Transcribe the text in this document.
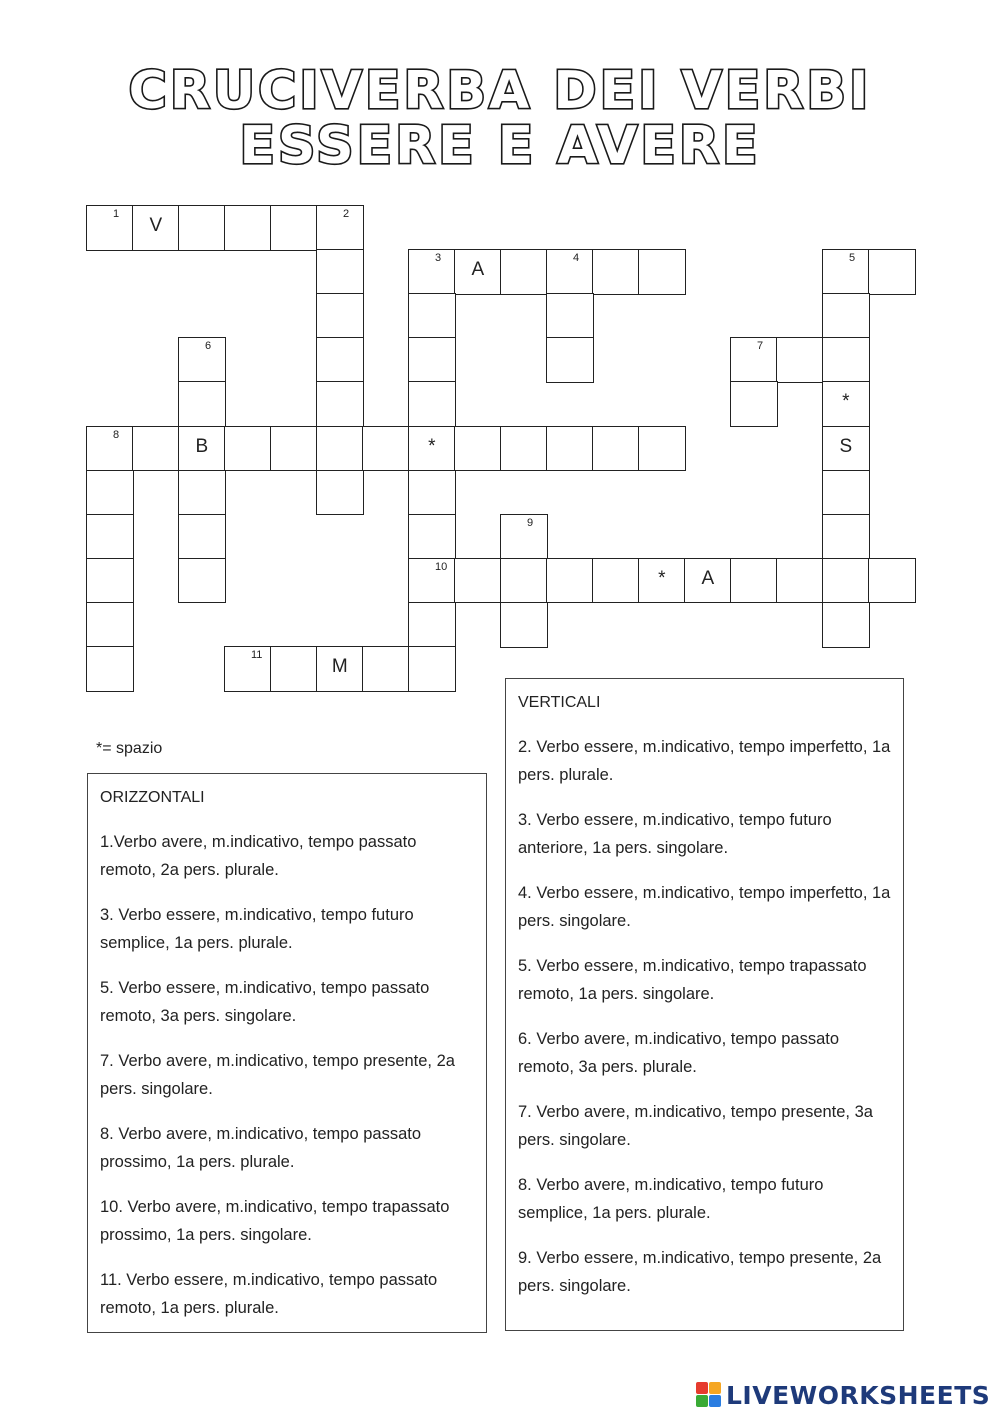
CRUCIVERBA DEI VERBI
ESSERE E AVERE
1
V
2
3
A
4	5
6	7
*
8
B	*	S
9
10
*	A
11
M
*= spazio
ORIZZONTALI
1.Verbo avere, m.indicativo, tempo passato remoto, 2a pers. plurale.
3. Verbo essere, m.indicativo, tempo futuro semplice, 1a pers. plurale.
5. Verbo essere, m.indicativo, tempo passato remoto, 3a pers. singolare.
7. Verbo avere, m.indicativo, tempo presente, 2a pers. singolare.
8. Verbo avere, m.indicativo, tempo passato prossimo, 1a pers. plurale.
10. Verbo avere, m.indicativo, tempo trapassato prossimo, 1a pers. singolare.
11. Verbo essere, m.indicativo, tempo passato remoto, 1a pers. plurale.
VERTICALI
2. Verbo essere, m.indicativo, tempo imperfetto, 1a pers. plurale.
3. Verbo essere, m.indicativo, tempo futuro anteriore, 1a pers. singolare.
4. Verbo essere, m.indicativo, tempo imperfetto, 1a pers. singolare.
5. Verbo essere, m.indicativo, tempo trapassato remoto, 1a pers. singolare.
6. Verbo avere, m.indicativo, tempo passato remoto, 3a pers. plurale.
7. Verbo avere, m.indicativo, tempo presente, 3a pers. singolare.
8. Verbo avere, m.indicativo, tempo futuro semplice, 1a pers. plurale.
9. Verbo essere, m.indicativo, tempo presente, 2a pers. singolare.
LIVEWORKSHEETS
